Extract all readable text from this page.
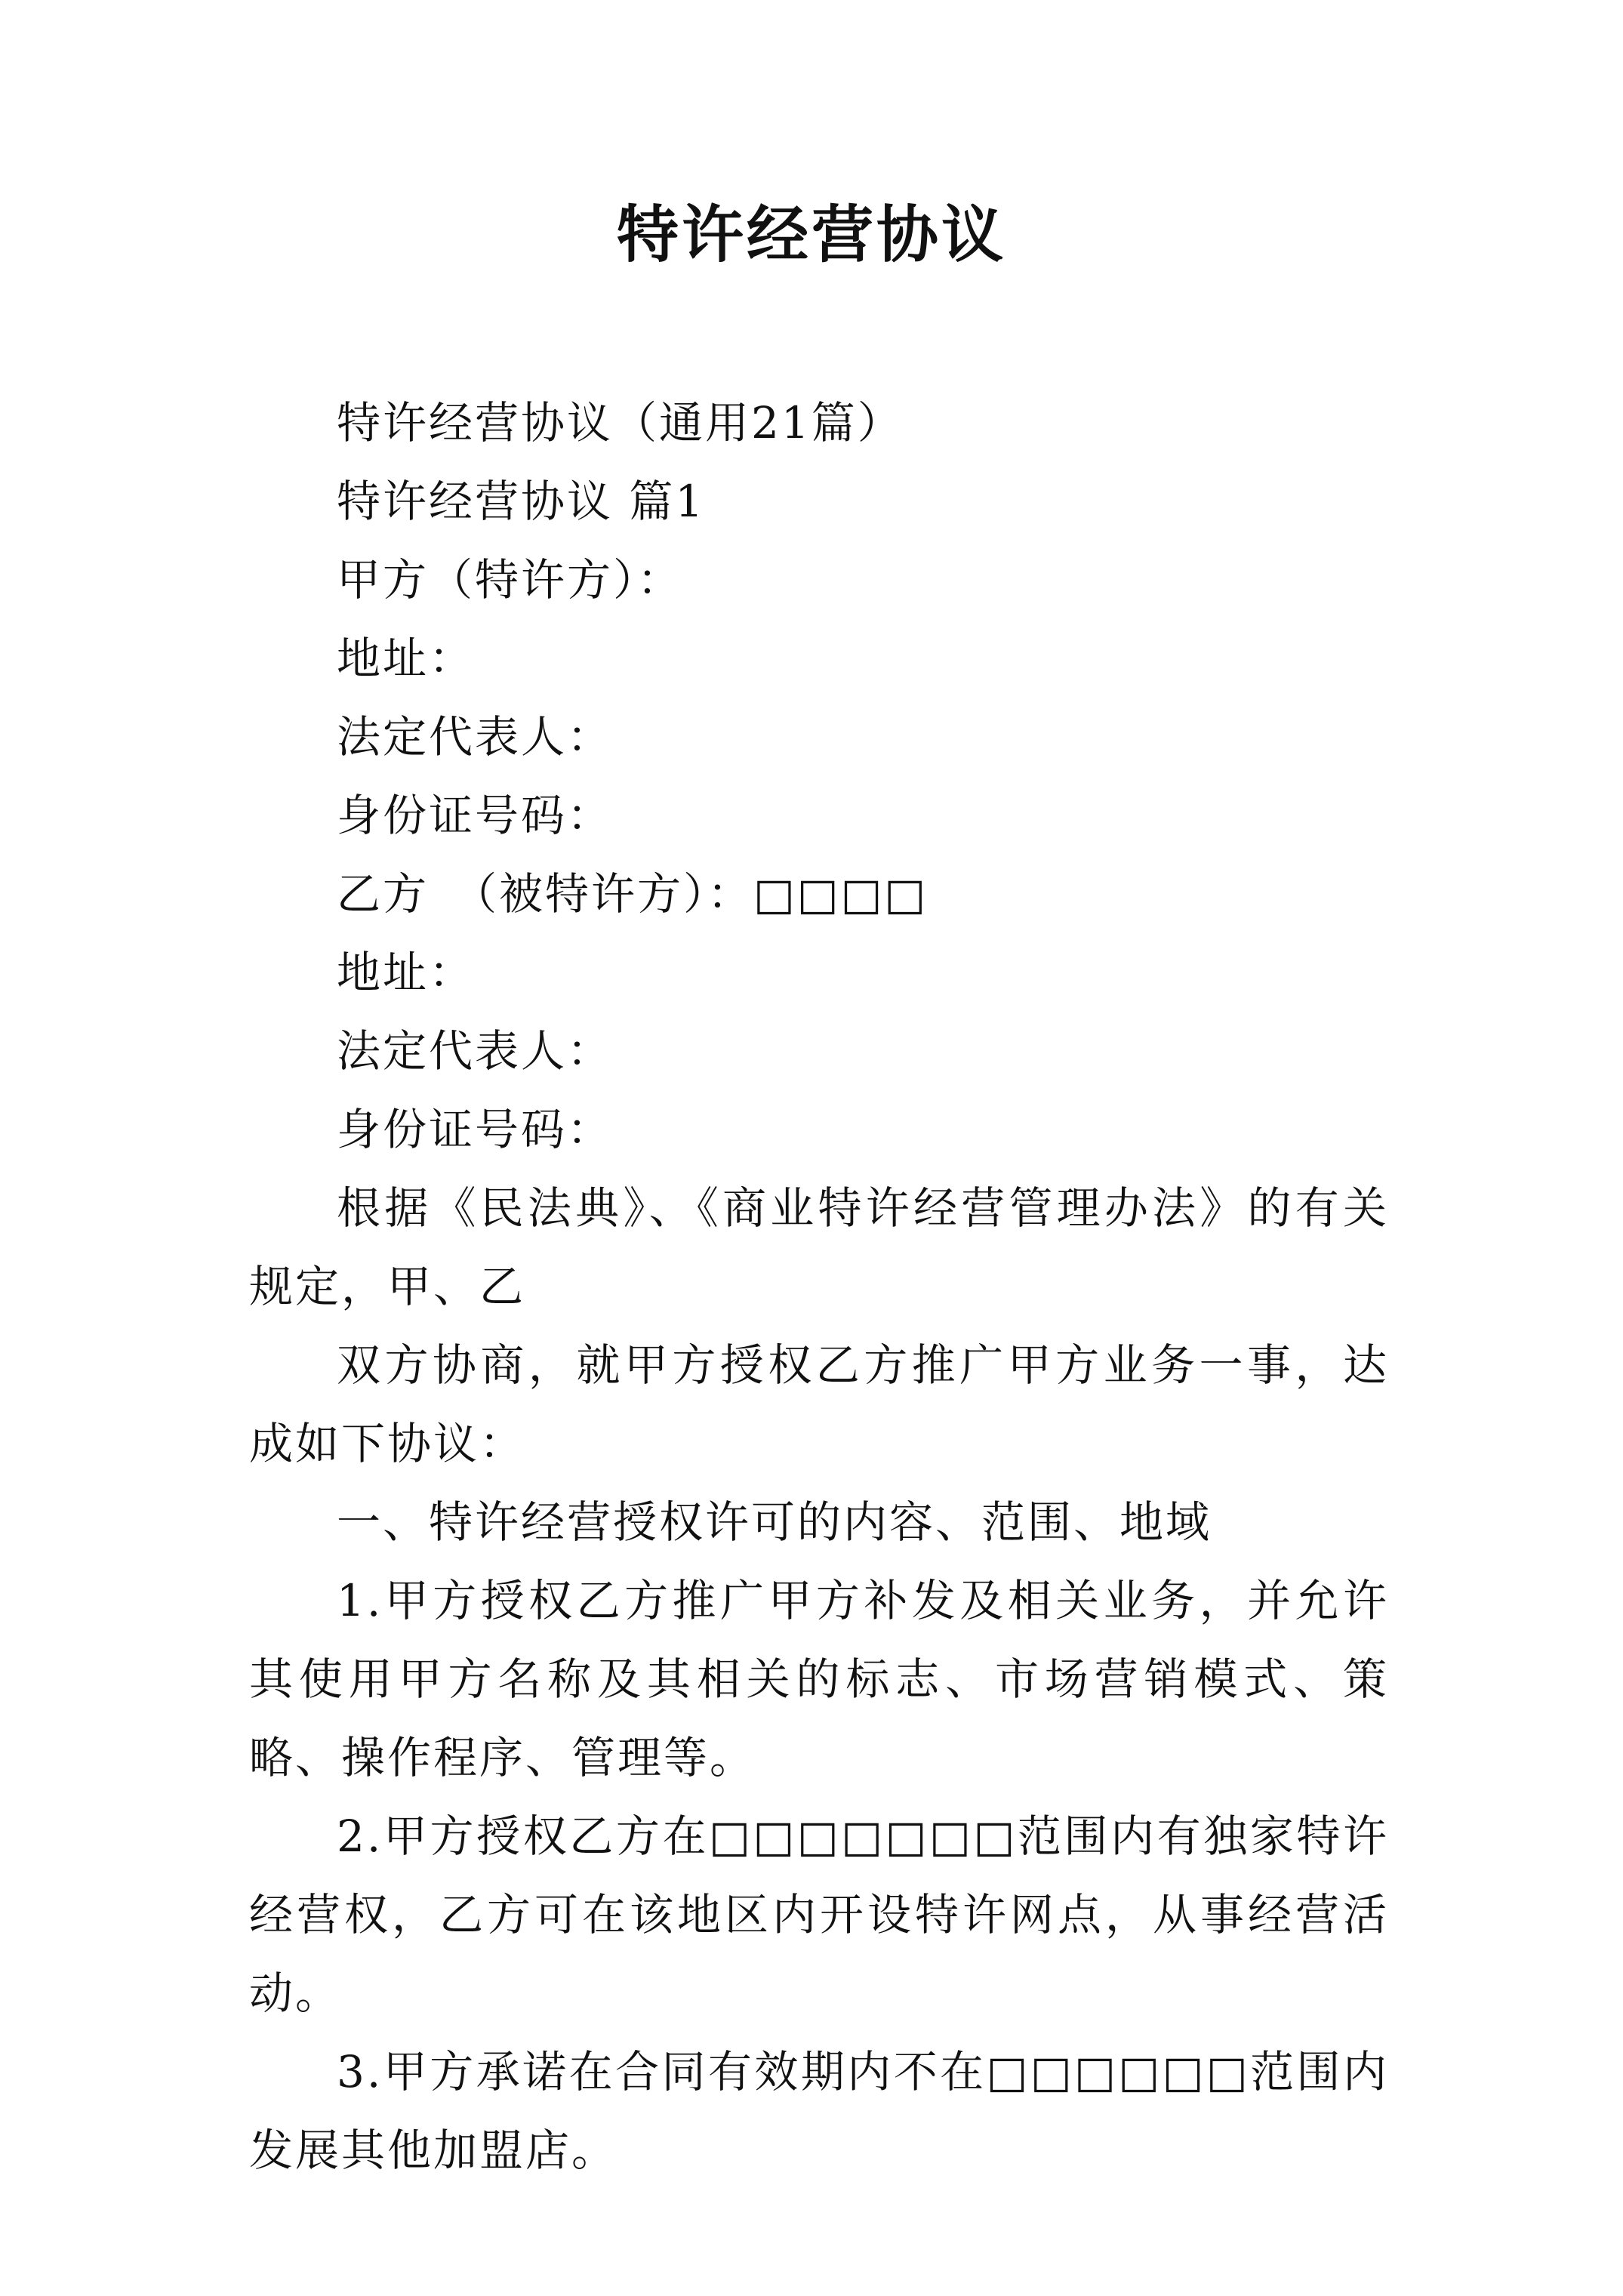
特许经营协议

特许经营协议（通用21篇）

特许经营协议 篇1

甲方（特许方）：

地址：

法定代表人：

身份证号码：

乙方　（被特许方）：□□□□

地址：

法定代表人：

身份证号码：

根据《民法典》、《商业特许经营管理办法》的有关规定，甲、乙

双方协商，就甲方授权乙方推广甲方业务一事，达成如下协议：

一、特许经营授权许可的内容、范围、地域

1.甲方授权乙方推广甲方补发及相关业务，并允许其使用甲方名称及其相关的标志、市场营销模式、策略、操作程序、管理等。

2.甲方授权乙方在□□□□□□□范围内有独家特许经营权，乙方可在该地区内开设特许网点，从事经营活动。

3.甲方承诺在合同有效期内不在□□□□□□范围内发展其他加盟店。
